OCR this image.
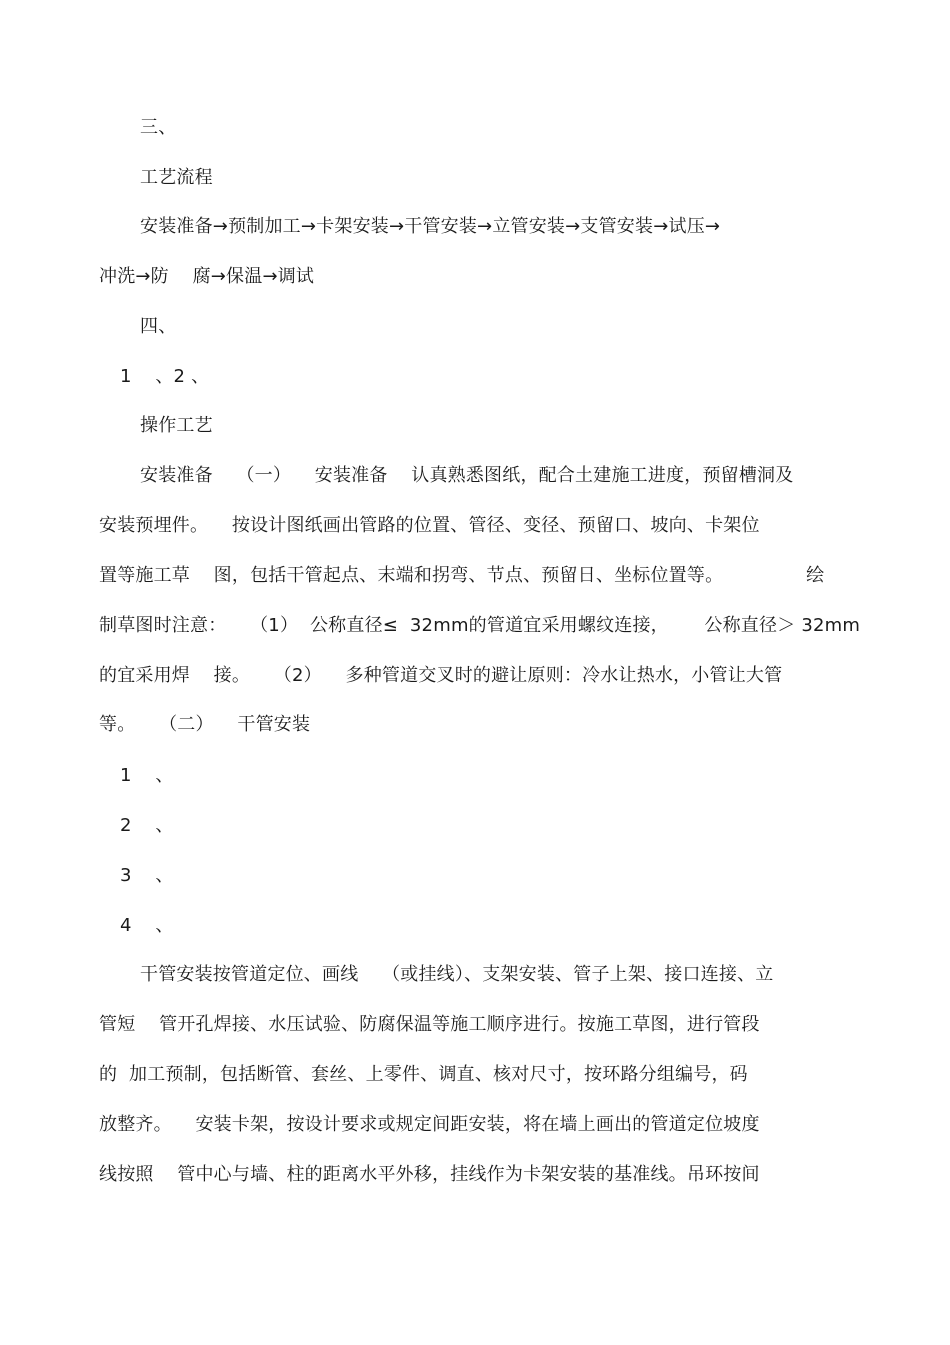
三、
工艺流程
安装准备→预制加工→卡架安装→干管安装→立管安装→支管安装→试压→
冲洗→防    腐→保温→调试
四、
1    、2 、
操作工艺
安装准备    （一）    安装准备    认真熟悉图纸，配合土建施工进度，预留槽洞及
安装预埋件。    按设计图纸画出管路的位置、管径、变径、预留口、坡向、卡架位
置等施工草    图，包括干管起点、末端和拐弯、节点、预留日、坐标位置等。              绘
制草图时注意：    （1）  公称直径≤  32mm的管道宜采用螺纹连接，      公称直径＞ 32mm
的宜采用焊    接。    （2）    多种管道交叉时的避让原则：冷水让热水，小管让大管
等。    （二）    干管安装
1    、
2    、
3    、
4    、
干管安装按管道定位、画线    （或挂线）、支架安装、管子上架、接口连接、立
管短    管开孔焊接、水压试验、防腐保温等施工顺序进行。按施工草图，进行管段
的  加工预制，包括断管、套丝、上零件、调直、核对尺寸，按环路分组编号，码
放整齐。    安装卡架，按设计要求或规定间距安装，将在墙上画出的管道定位坡度
线按照    管中心与墙、柱的距离水平外移，挂线作为卡架安装的基准线。吊环按间
